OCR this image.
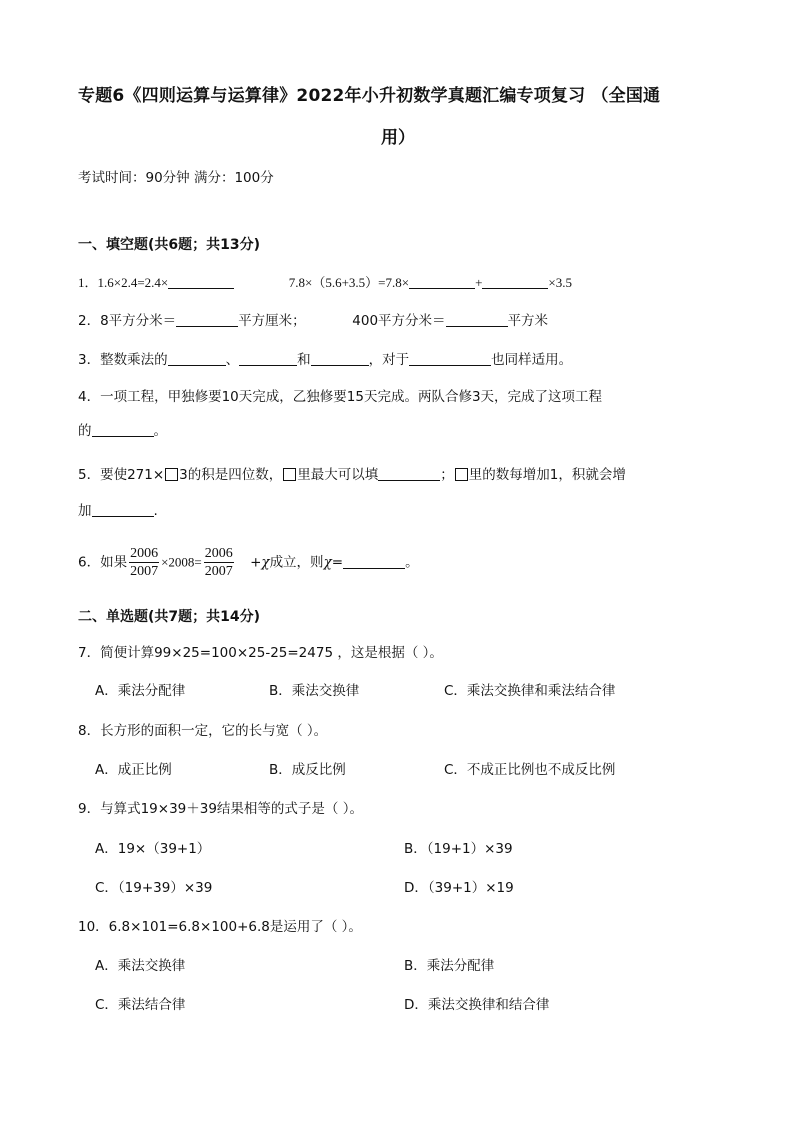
专题6《四则运算与运算律》2022年小升初数学真题汇编专项复习 （全国通
用）
考试时间：90分钟 满分：100分
一、填空题(共6题；共13分)
1．1.6×2.4=2.4×	7.8×（5.6+3.5）=7.8×	+	×3.5
2．8平方分米＝	平方厘米；	400平方分米＝	平方米
3．整数乘法的	、	和	，对于	也同样适用。
4．一项工程，甲独修要10天完成，乙独修要15天完成。两队合修3天，完成了这项工程
的	。
5．要使271× 3的积是四位数， 里最大可以填	； 里的数每增加1，积就会增
加	.
6．如果 $\frac{2006}{2007} \times 2008= \frac{2006}{2007} +\chi$成立，则χ=	。
二、单选题(共7题；共14分)
7．简便计算99×25=100×25-25=2475 ，这是根据（ ）。
A．乘法分配律	B．乘法交换律	C．乘法交换律和乘法结合律
8．长方形的面积一定，它的长与宽（ ）。
A．成正比例	B．成反比例	C．不成正比例也不成反比例
9．与算式19×39＋39结果相等的式子是（ ）。
A．19×（39+1）	B．（19+1）×39
C．（19+39）×39	D．（39+1）×19
10．6.8×101=6.8×100+6.8是运用了（ ）。
A．乘法交换律	B．乘法分配律
C．乘法结合律	D．乘法交换律和结合律
